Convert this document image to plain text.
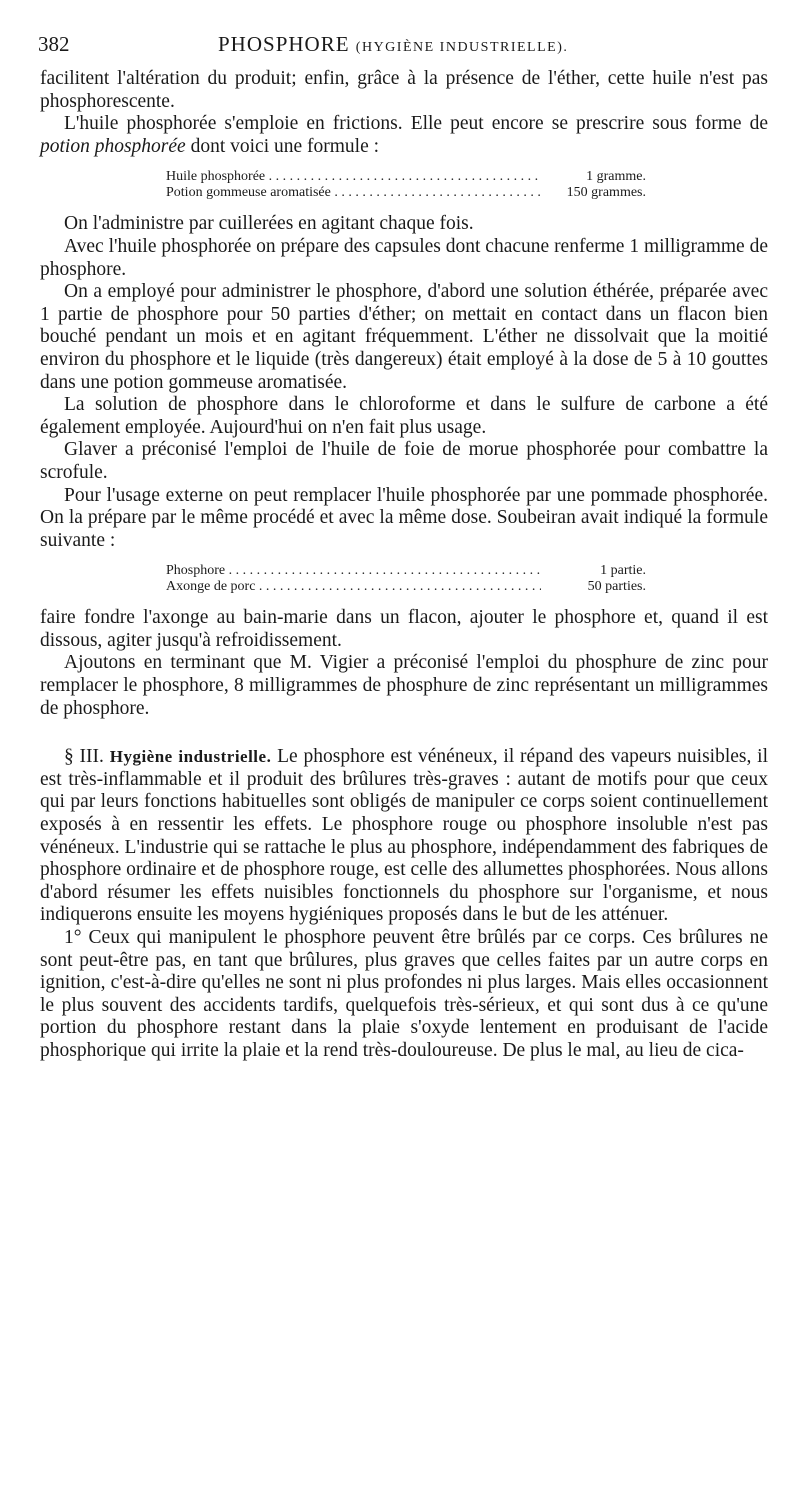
382	PHOSPHORE (HYGIÈNE INDUSTRIELLE).

facilitent l'altération du produit; enfin, grâce à la présence de l'éther, cette huile n'est pas phosphorescente.

L'huile phosphorée s'emploie en frictions. Elle peut encore se prescrire sous forme de potion phosphorée dont voici une formule :

Huile phosphorée . . .	1 gramme.
Potion gommeuse aromatisée . . .	150 grammes.

On l'administre par cuillerées en agitant chaque fois.

Avec l'huile phosphorée on prépare des capsules dont chacune renferme 1 milligramme de phosphore.

On a employé pour administrer le phosphore, d'abord une solution éthérée, préparée avec 1 partie de phosphore pour 50 parties d'éther; on mettait en contact dans un flacon bien bouché pendant un mois et en agitant fréquemment. L'éther ne dissolvait que la moitié environ du phosphore et le liquide (très dangereux) était employé à la dose de 5 à 10 gouttes dans une potion gommeuse aromatisée.

La solution de phosphore dans le chloroforme et dans le sulfure de carbone a été également employée. Aujourd'hui on n'en fait plus usage.

Glaver a préconisé l'emploi de l'huile de foie de morue phosphorée pour combattre la scrofule.

Pour l'usage externe on peut remplacer l'huile phosphorée par une pommade phosphorée. On la prépare par le même procédé et avec la même dose. Soubeiran avait indiqué la formule suivante :

Phosphore . . .	1 partie.
Axonge de porc . . .	50 parties.

faire fondre l'axonge au bain-marie dans un flacon, ajouter le phosphore et, quand il est dissous, agiter jusqu'à refroidissement.

Ajoutons en terminant que M. Vigier a préconisé l'emploi du phosphure de zinc pour remplacer le phosphore, 8 milligrammes de phosphure de zinc représentant un milligrammes de phosphore.

§ III. Hygiène industrielle. Le phosphore est vénéneux, il répand des vapeurs nuisibles, il est très-inflammable et il produit des brûlures très-graves : autant de motifs pour que ceux qui par leurs fonctions habituelles sont obligés de manipuler ce corps soient continuellement exposés à en ressentir les effets. Le phosphore rouge ou phosphore insoluble n'est pas vénéneux. L'industrie qui se rattache le plus au phosphore, indépendamment des fabriques de phosphore ordinaire et de phosphore rouge, est celle des allumettes phosphorées. Nous allons d'abord résumer les effets nuisibles fonctionnels du phosphore sur l'organisme, et nous indiquerons ensuite les moyens hygiéniques proposés dans le but de les atténuer.

1° Ceux qui manipulent le phosphore peuvent être brûlés par ce corps. Ces brûlures ne sont peut-être pas, en tant que brûlures, plus graves que celles faites par un autre corps en ignition, c'est-à-dire qu'elles ne sont ni plus profondes ni plus larges. Mais elles occasionnent le plus souvent des accidents tardifs, quelquefois très-sérieux, et qui sont dus à ce qu'une portion du phosphore restant dans la plaie s'oxyde lentement en produisant de l'acide phosphorique qui irrite la plaie et la rend très-douloureuse. De plus le mal, au lieu de cica-
